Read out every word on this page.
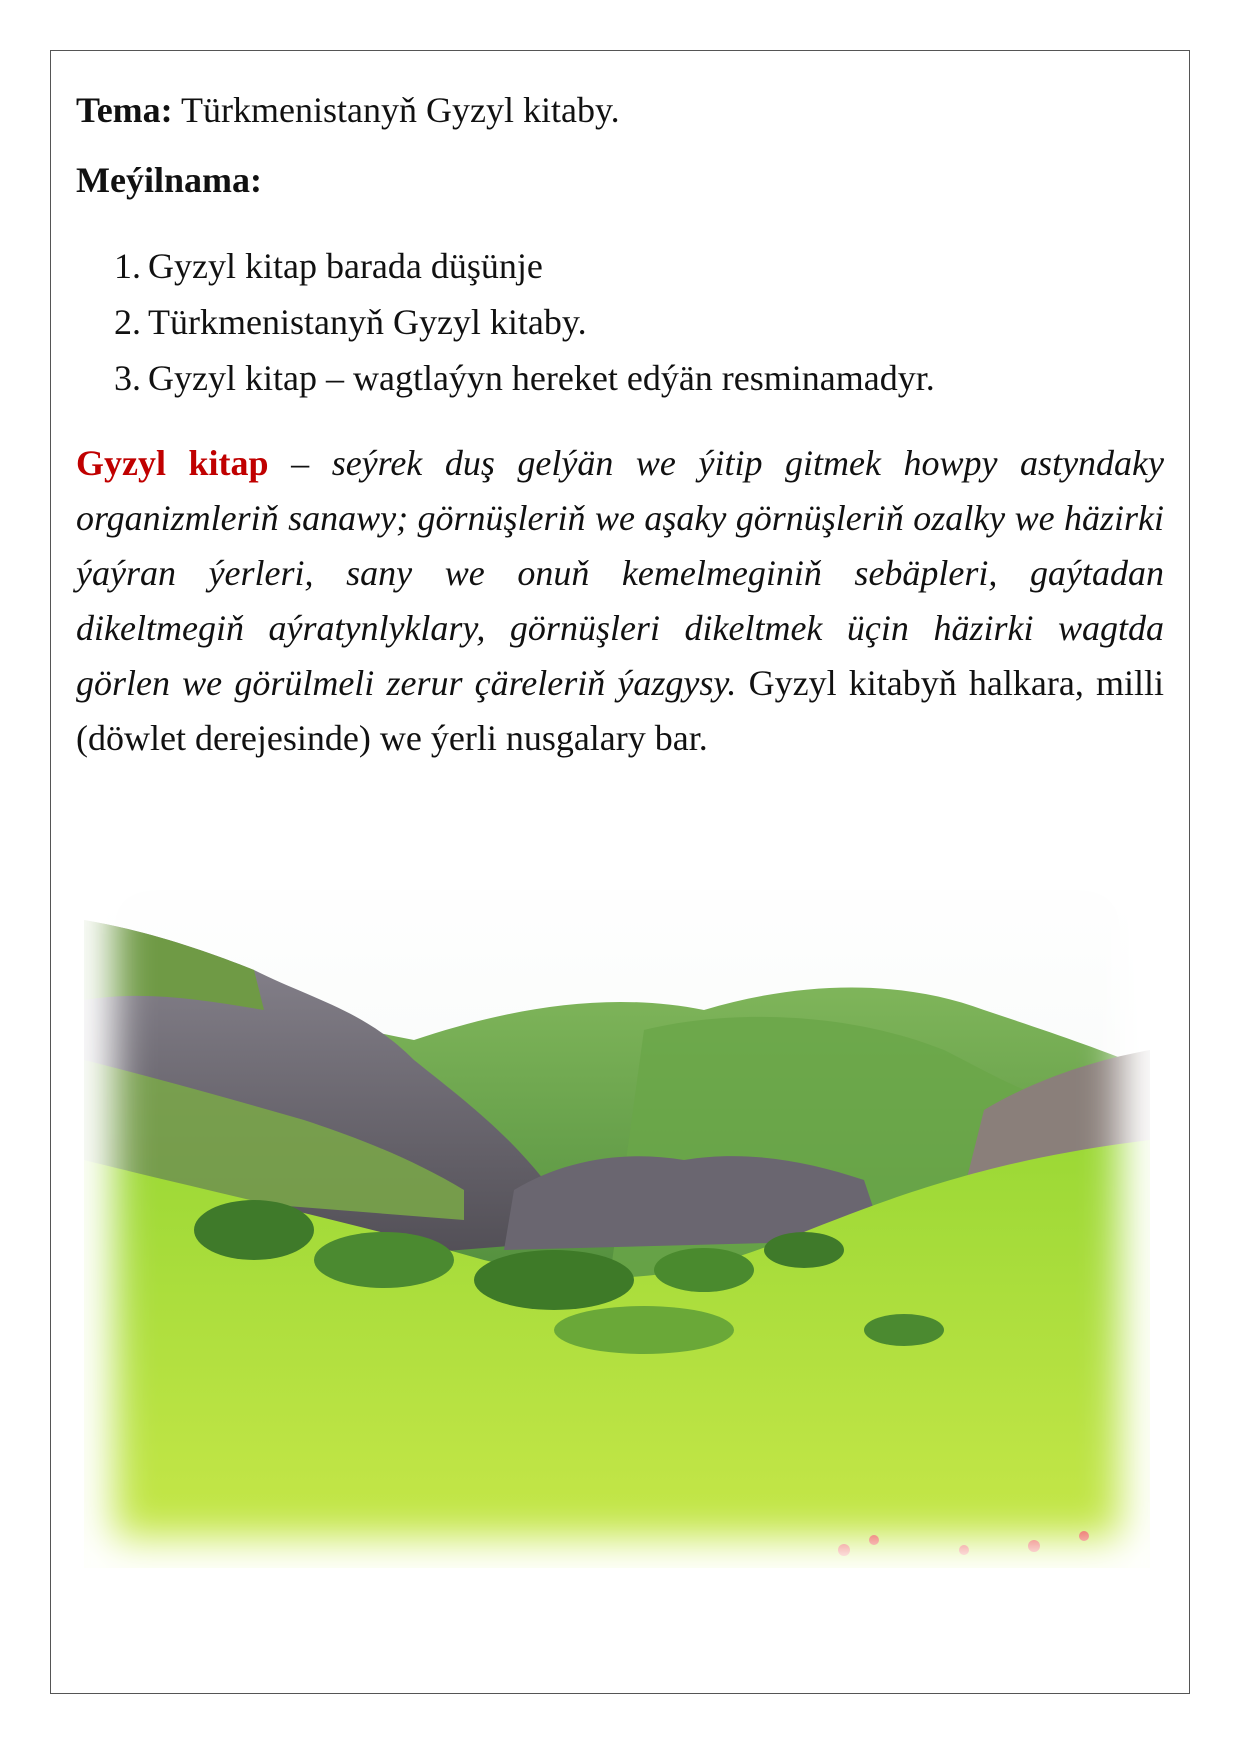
Tema: Türkmenistanyň Gyzyl kitaby.

Meýilnama:

1. Gyzyl kitap barada düşünje
2. Türkmenistanyň Gyzyl kitaby.
3. Gyzyl kitap – wagtlaýyn hereket edýän resminamadyr.

Gyzyl kitap – seýrek duş gelýän we ýitip gitmek howpy astyndaky organizmleriň sanawy; görnüşleriň we aşaky görnüşleriň ozalky we häzirki ýaýran ýerleri, sany we onuň kemelmeginiň sebäpleri, gaýtadan dikeltmegiň aýratynlyklary, görnüşleri dikeltmek üçin häzirki wagtda görlen we görülmeli zerur çäreleriň ýazgysy. Gyzyl kitabyň halkara, milli (döwlet derejesinde) we ýerli nusgalary bar.
